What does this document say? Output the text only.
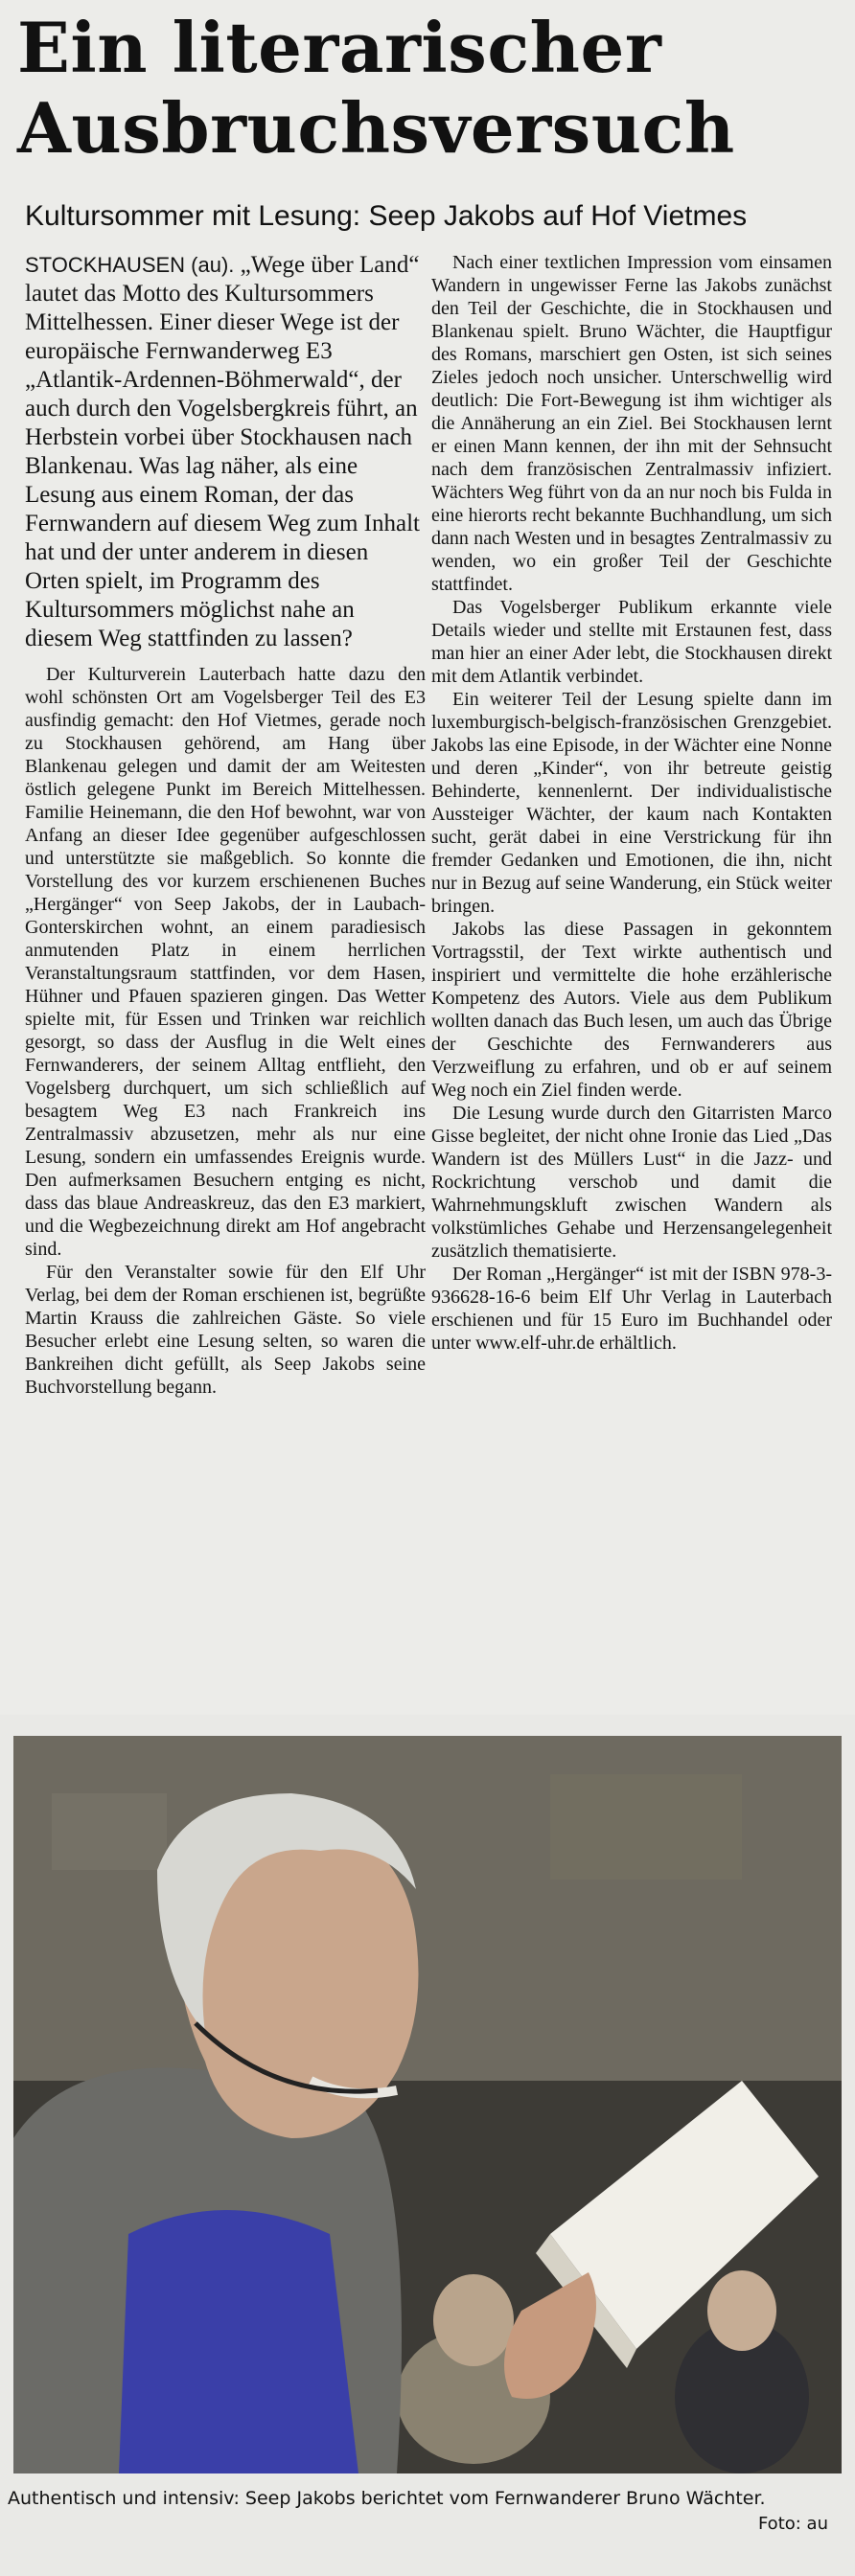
Ein literarischer
Ausbruchsversuch
Kultursommer mit Lesung: Seep Jakobs auf Hof Vietmes
STOCKHAUSEN (au). „Wege über Land“ lautet das Motto des Kultursommers Mittelhessen. Einer dieser Wege ist der europäische Fernwanderweg E3 „Atlantik-Ardennen-Böhmerwald“, der auch durch den Vogelsbergkreis führt, an Herbstein vorbei über Stockhausen nach Blankenau. Was lag näher, als eine Lesung aus einem Roman, der das Fernwandern auf diesem Weg zum Inhalt hat und der unter anderem in diesen Orten spielt, im Programm des Kultursommers möglichst nahe an diesem Weg stattfinden zu lassen?

Der Kulturverein Lauterbach hatte dazu den wohl schönsten Ort am Vogelsberger Teil des E3 ausfindig gemacht: den Hof Vietmes, gerade noch zu Stockhausen gehörend, am Hang über Blankenau gelegen und damit der am Weitesten östlich gelegene Punkt im Bereich Mittelhessen. Familie Heinemann, die den Hof bewohnt, war von Anfang an dieser Idee gegenüber aufgeschlossen und unterstützte sie maßgeblich. So konnte die Vorstellung des vor kurzem erschienenen Buches „Hergänger“ von Seep Jakobs, der in Laubach-Gonterskirchen wohnt, an einem paradiesisch anmutenden Platz in einem herrlichen Veranstaltungsraum stattfinden, vor dem Hasen, Hühner und Pfauen spazieren gingen. Das Wetter spielte mit, für Essen und Trinken war reichlich gesorgt, so dass der Ausflug in die Welt eines Fernwanderers, der seinem Alltag entflieht, den Vogelsberg durchquert, um sich schließlich auf besagtem Weg E3 nach Frankreich ins Zentralmassiv abzusetzen, mehr als nur eine Lesung, sondern ein umfassendes Ereignis wurde. Den aufmerksamen Besuchern entging es nicht, dass das blaue Andreaskreuz, das den E3 markiert, und die Wegbezeichnung direkt am Hof angebracht sind.

Für den Veranstalter sowie für den Elf Uhr Verlag, bei dem der Roman erschienen ist, begrüßte Martin Krauss die zahlreichen Gäste. So viele Besucher erlebt eine Lesung selten, so waren die Bankreihen dicht gefüllt, als Seep Jakobs seine Buchvorstellung begann.

Nach einer textlichen Impression vom einsamen Wandern in ungewisser Ferne las Jakobs zunächst den Teil der Geschichte, die in Stockhausen und Blankenau spielt. Bruno Wächter, die Hauptfigur des Romans, marschiert gen Osten, ist sich seines Zieles jedoch noch unsicher. Unterschwellig wird deutlich: Die Fort-Bewegung ist ihm wichtiger als die Annäherung an ein Ziel. Bei Stockhausen lernt er einen Mann kennen, der ihn mit der Sehnsucht nach dem französischen Zentralmassiv infiziert. Wächters Weg führt von da an nur noch bis Fulda in eine hierorts recht bekannte Buchhandlung, um sich dann nach Westen und in besagtes Zentralmassiv zu wenden, wo ein großer Teil der Geschichte stattfindet.

Das Vogelsberger Publikum erkannte viele Details wieder und stellte mit Erstaunen fest, dass man hier an einer Ader lebt, die Stockhausen direkt mit dem Atlantik verbindet.

Ein weiterer Teil der Lesung spielte dann im luxemburgisch-belgisch-französischen Grenzgebiet. Jakobs las eine Episode, in der Wächter eine Nonne und deren „Kinder“, von ihr betreute geistig Behinderte, kennenlernt. Der individualistische Aussteiger Wächter, der kaum nach Kontakten sucht, gerät dabei in eine Verstrickung für ihn fremder Gedanken und Emotionen, die ihn, nicht nur in Bezug auf seine Wanderung, ein Stück weiter bringen.

Jakobs las diese Passagen in gekonntem Vortragsstil, der Text wirkte authentisch und inspiriert und vermittelte die hohe erzählerische Kompetenz des Autors. Viele aus dem Publikum wollten danach das Buch lesen, um auch das Übrige der Geschichte des Fernwanderers aus Verzweiflung zu erfahren, und ob er auf seinem Weg noch ein Ziel finden werde.

Die Lesung wurde durch den Gitarristen Marco Gisse begleitet, der nicht ohne Ironie das Lied „Das Wandern ist des Müllers Lust“ in die Jazz- und Rockrichtung verschob und damit die Wahrnehmungskluft zwischen Wandern als volkstümliches Gehabe und Herzensangelegenheit zusätzlich thematisierte.

Der Roman „Hergänger“ ist mit der ISBN 978-3-936628-16-6 beim Elf Uhr Verlag in Lauterbach erschienen und für 15 Euro im Buchhandel oder unter www.elf-uhr.de erhältlich.

Authentisch und intensiv: Seep Jakobs berichtet vom Fernwanderer Bruno Wächter.
Foto: au
